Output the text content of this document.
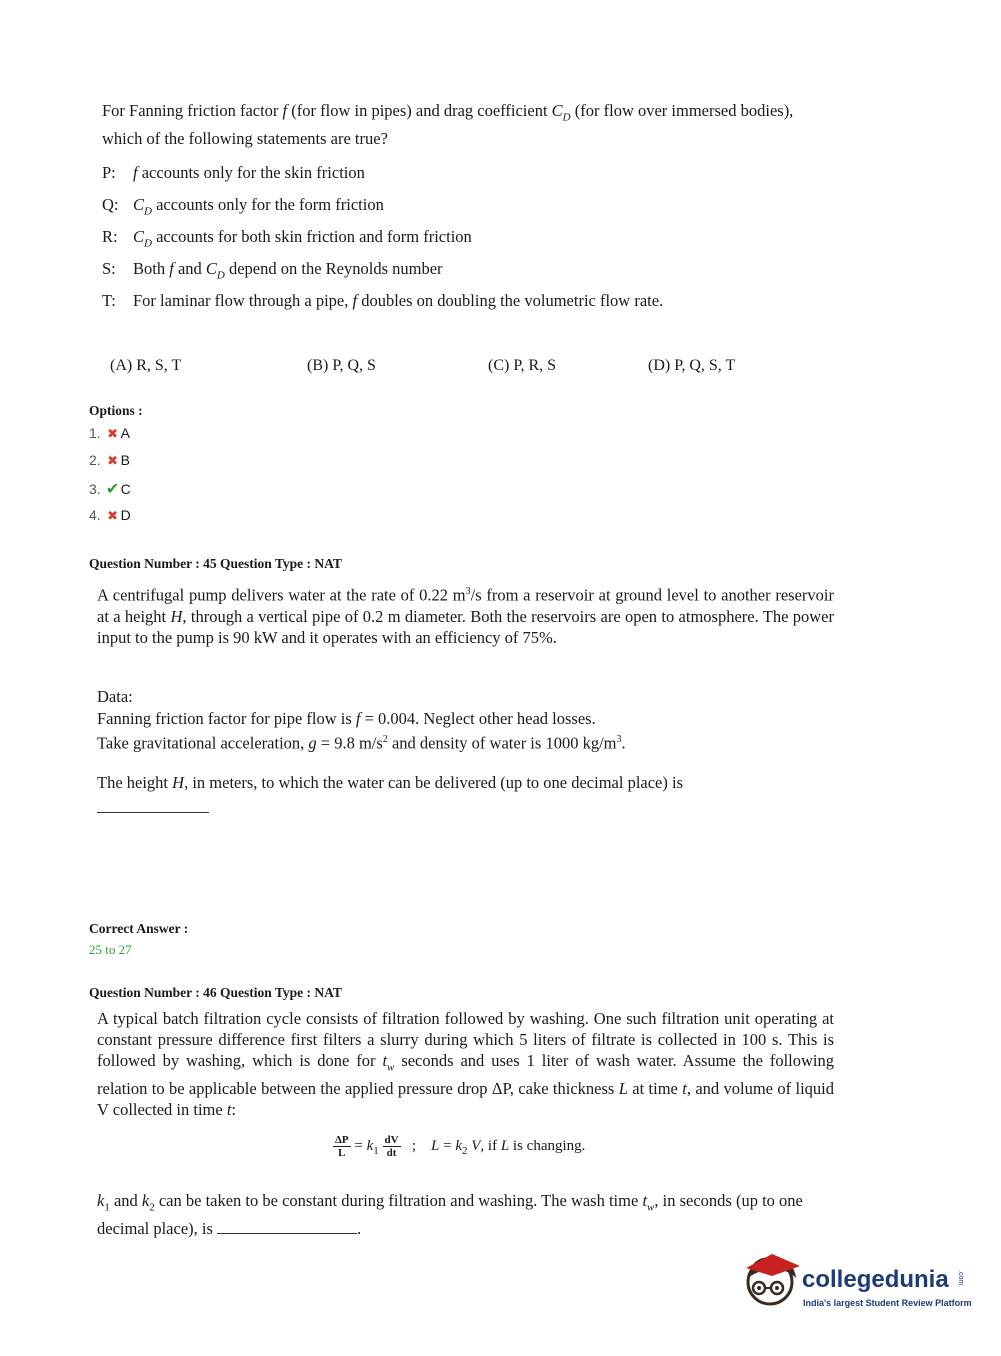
For Fanning friction factor f (for flow in pipes) and drag coefficient $C_D$ (for flow over immersed bodies), which of the following statements are true?
P: f accounts only for the skin friction
Q: $C_D$ accounts only for the form friction
R: $C_D$ accounts for both skin friction and form friction
S: Both f and $C_D$ depend on the Reynolds number
T: For laminar flow through a pipe, f doubles on doubling the volumetric flow rate.
(A) R, S, T	(B) P, Q, S	(C) P, R, S	(D) P, Q, S, T
Options :
1. ✖ A
2. ✖ B
3. ✔C
4. ✖ D
Question Number : 45 Question Type : NAT
A centrifugal pump delivers water at the rate of 0.22 $m^3/s$ from a reservoir at ground level to another reservoir at a height H, through a vertical pipe of 0.2 m diameter. Both the reservoirs are open to atmosphere. The power input to the pump is 90 kW and it operates with an efficiency of 75%.
Data:
Fanning friction factor for pipe flow is f = 0.004. Neglect other head losses.
Take gravitational acceleration, g = 9.8 $m/s^2$ and density of water is 1000 $kg/m^3$.
The height H, in meters, to which the water can be delivered (up to one decimal place) is
Correct Answer :
25 to 27
Question Number : 46 Question Type : NAT
A typical batch filtration cycle consists of filtration followed by washing. One such filtration unit operating at constant pressure difference first filters a slurry during which 5 liters of filtrate is collected in 100 s. This is followed by washing, which is done for $t_w$ seconds and uses 1 liter of wash water. Assume the following relation to be applicable between the applied pressure drop ΔP, cake thickness L at time t, and volume of liquid V collected in time t:
$\frac{\Delta P}{L} = k_1 \frac{dV}{dt}$ ;    $L = k_2$ V, if L is changing.
$k_1$ and $k_2$ can be taken to be constant during filtration and washing. The wash time $t_w$, in seconds (up to one decimal place), is	.
collegedunia .com
India's largest Student Review Platform
